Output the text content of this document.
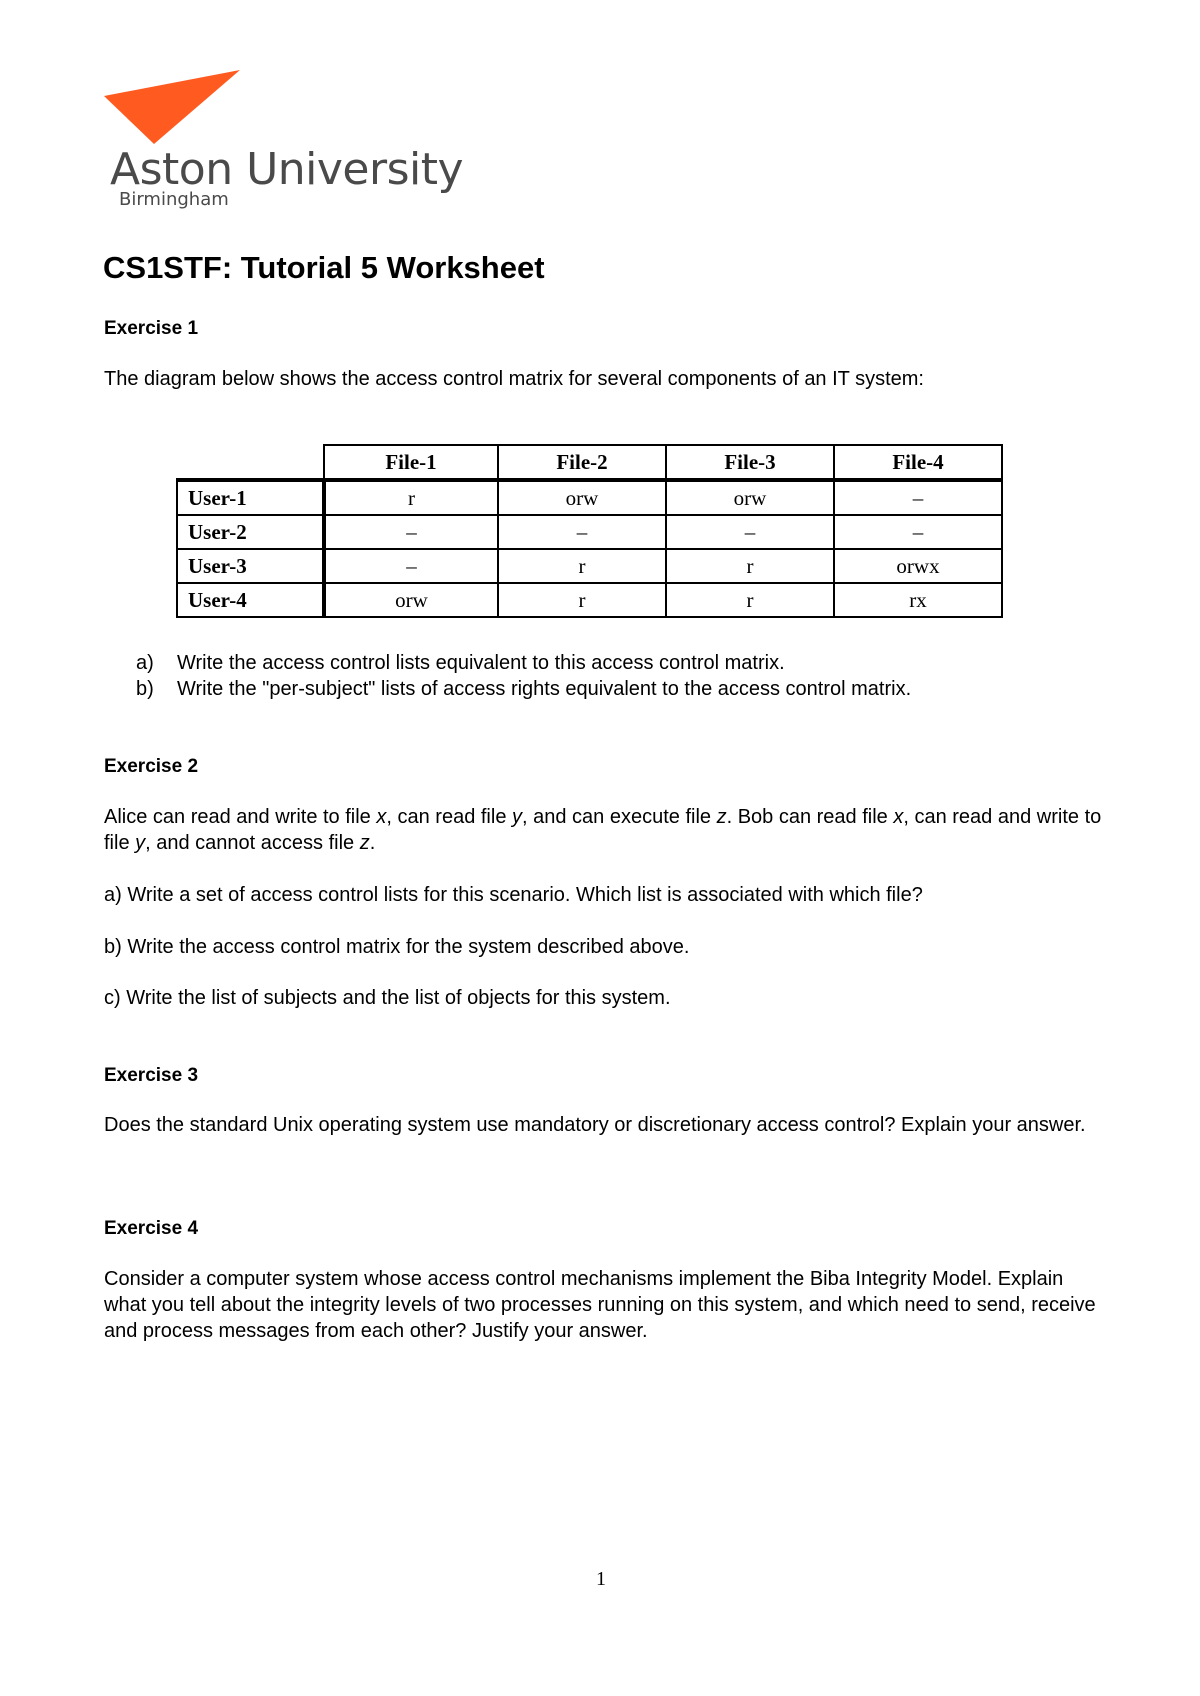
Aston University
Birmingham
CS1STF: Tutorial 5 Worksheet
Exercise 1
The diagram below shows the access control matrix for several components of an IT system:
	File-1	File-2	File-3	File-4
User-1	r	orw	orw	–
User-2	–	–	–	–
User-3	–	r	r	orwx
User-4	orw	r	r	rx
a) Write the access control lists equivalent to this access control matrix.
b) Write the "per-subject" lists of access rights equivalent to the access control matrix.
Exercise 2
Alice can read and write to file x, can read file y, and can execute file z. Bob can read file x, can read and write to file y, and cannot access file z.
a) Write a set of access control lists for this scenario. Which list is associated with which file?
b) Write the access control matrix for the system described above.
c) Write the list of subjects and the list of objects for this system.
Exercise 3
Does the standard Unix operating system use mandatory or discretionary access control? Explain your answer.
Exercise 4
Consider a computer system whose access control mechanisms implement the Biba Integrity Model. Explain what you tell about the integrity levels of two processes running on this system, and which need to send, receive and process messages from each other? Justify your answer.
1
